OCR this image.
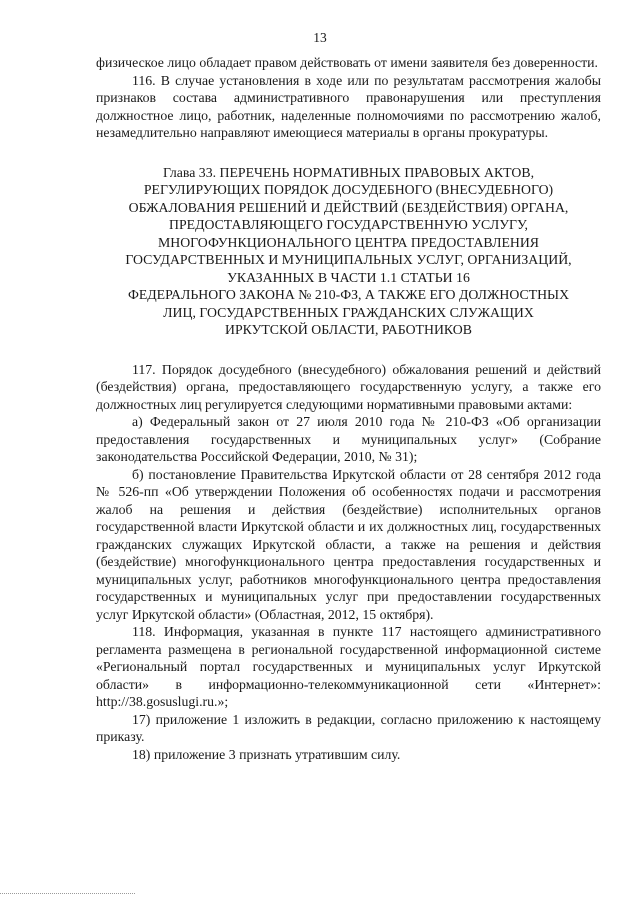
13

физическое лицо обладает правом действовать от имени заявителя без доверенности.

116. В случае установления в ходе или по результатам рассмотрения жалобы признаков состава административного правонарушения или преступления должностное лицо, работник, наделенные полномочиями по рассмотрению жалоб, незамедлительно направляют имеющиеся материалы в органы прокуратуры.

Глава 33. ПЕРЕЧЕНЬ НОРМАТИВНЫХ ПРАВОВЫХ АКТОВ,
РЕГУЛИРУЮЩИХ ПОРЯДОК ДОСУДЕБНОГО (ВНЕСУДЕБНОГО)
ОБЖАЛОВАНИЯ РЕШЕНИЙ И ДЕЙСТВИЙ (БЕЗДЕЙСТВИЯ) ОРГАНА,
ПРЕДОСТАВЛЯЮЩЕГО ГОСУДАРСТВЕННУЮ УСЛУГУ,
МНОГОФУНКЦИОНАЛЬНОГО ЦЕНТРА ПРЕДОСТАВЛЕНИЯ
ГОСУДАРСТВЕННЫХ И МУНИЦИПАЛЬНЫХ УСЛУГ, ОРГАНИЗАЦИЙ,
УКАЗАННЫХ В ЧАСТИ 1.1 СТАТЬИ 16
ФЕДЕРАЛЬНОГО ЗАКОНА № 210-ФЗ, А ТАКЖЕ ЕГО ДОЛЖНОСТНЫХ
ЛИЦ, ГОСУДАРСТВЕННЫХ ГРАЖДАНСКИХ СЛУЖАЩИХ
ИРКУТСКОЙ ОБЛАСТИ, РАБОТНИКОВ

117. Порядок досудебного (внесудебного) обжалования решений и действий (бездействия) органа, предоставляющего государственную услугу, а также его должностных лиц регулируется следующими нормативными правовыми актами:

а) Федеральный закон от 27 июля 2010 года № 210-ФЗ «Об организации предоставления государственных и муниципальных услуг» (Собрание законодательства Российской Федерации, 2010, № 31);

б) постановление Правительства Иркутской области от 28 сентября 2012 года № 526-пп «Об утверждении Положения об особенностях подачи и рассмотрения жалоб на решения и действия (бездействие) исполнительных органов государственной власти Иркутской области и их должностных лиц, государственных гражданских служащих Иркутской области, а также на решения и действия (бездействие) многофункционального центра предоставления государственных и муниципальных услуг, работников многофункционального центра предоставления государственных и муниципальных услуг при предоставлении государственных услуг Иркутской области» (Областная, 2012, 15 октября).

118. Информация, указанная в пункте 117 настоящего административного регламента размещена в региональной государственной информационной системе «Региональный портал государственных и муниципальных услуг Иркутской области» в информационно-телекоммуникационной сети «Интернет»: http://38.gosuslugi.ru.»;

17) приложение 1 изложить в редакции, согласно приложению к настоящему приказу.

18) приложение 3 признать утратившим силу.
